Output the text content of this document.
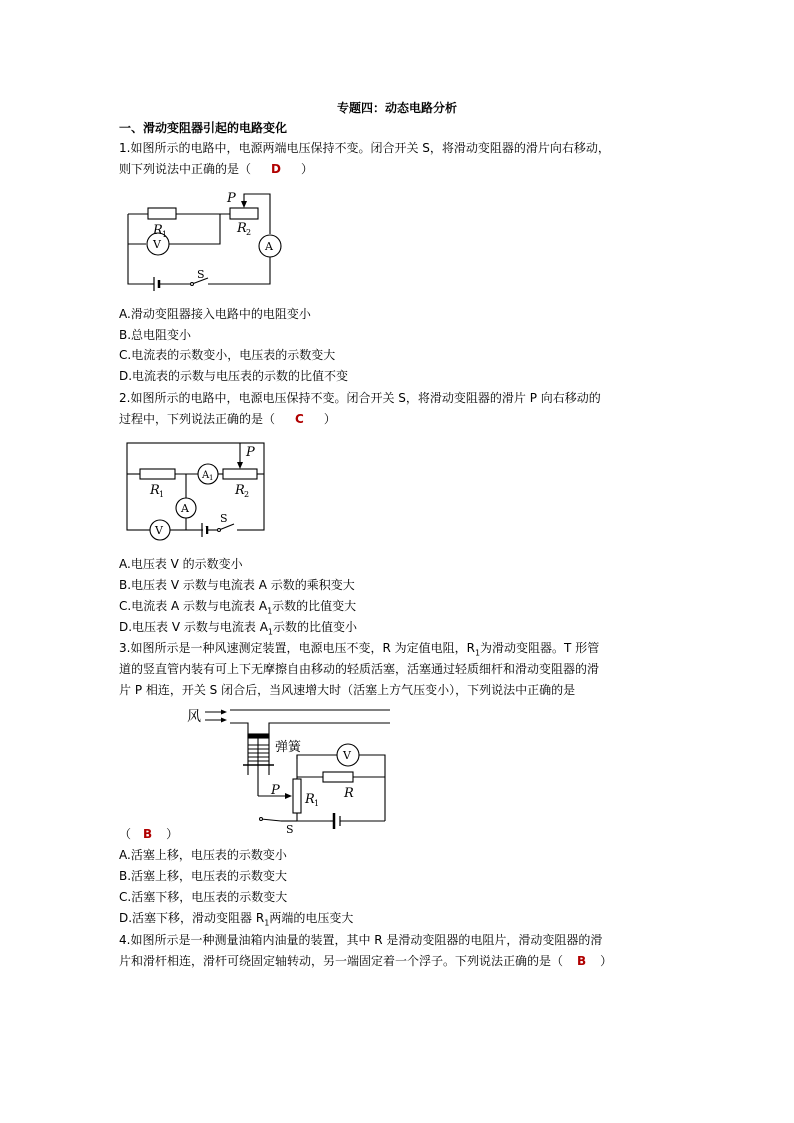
专题四：动态电路分析
一、滑动变阻器引起的电路变化
1.如图所示的电路中，电源两端电压保持不变。闭合开关 S，将滑动变阻器的滑片向右移动，
则下列说法中正确的是（ D ）
P
R 1	R 2
A
V
S
A.滑动变阻器接入电路中的电阻变小
B.总电阻变小
C.电流表的示数变小，电压表的示数变大
D.电流表的示数与电压表的示数的比值不变
2.如图所示的电路中，电源电压保持不变。闭合开关 S，将滑动变阻器的滑片 P 向右移动的
过程中，下列说法正确的是（ C ）
P
R 1	R 2
A 1
A
V
S
A.电压表 V 的示数变小
B.电压表 V 示数与电流表 A 示数的乘积变大
C.电流表 A 示数与电流表 $A_1$示数的比值变大
D.电压表 V 示数与电流表 $A_1$示数的比值变小
3.如图所示是一种风速测定装置，电源电压不变，R 为定值电阻，$R_1$为滑动变阻器。T 形管
道的竖直管内装有可上下无摩擦自由移动的轻质活塞，活塞通过轻质细杆和滑动变阻器的滑
片 P 相连，开关 S 闭合后，当风速增大时（活塞上方气压变小），下列说法中正确的是
风
弹簧
V
P
R 1
R
S
（ B ）
A.活塞上移，电压表的示数变小
B.活塞上移，电压表的示数变大
C.活塞下移，电压表的示数变大
D.活塞下移，滑动变阻器 $R_1$两端的电压变大
4.如图所示是一种测量油箱内油量的装置，其中 R 是滑动变阻器的电阻片，滑动变阻器的滑
片和滑杆相连，滑杆可绕固定轴转动，另一端固定着一个浮子。下列说法正确的是（ B ）
